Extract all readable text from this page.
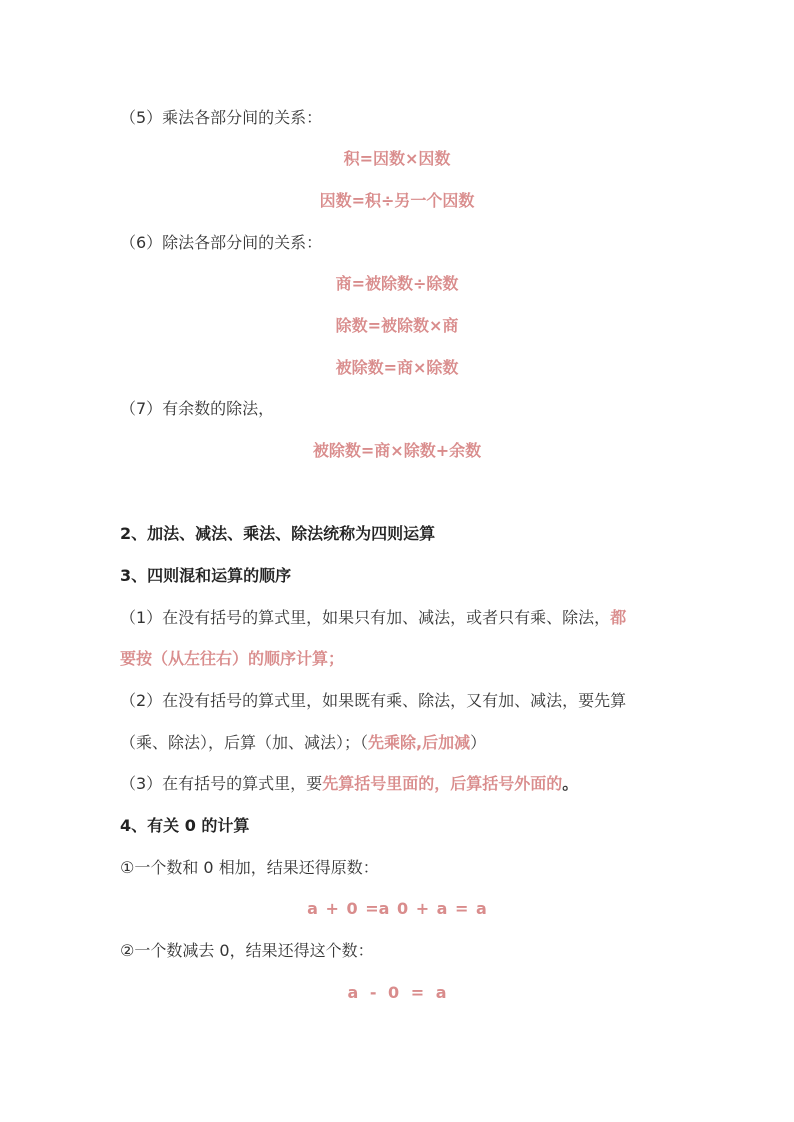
（5）乘法各部分间的关系：
积=因数×因数
因数=积÷另一个因数
（6）除法各部分间的关系：
商=被除数÷除数
除数=被除数×商
被除数=商×除数
（7）有余数的除法，
被除数=商×除数+余数
2、加法、减法、乘法、除法统称为四则运算
3、四则混和运算的顺序
（1）在没有括号的算式里，如果只有加、减法，或者只有乘、除法，都
要按（从左往右）的顺序计算；
（2）在没有括号的算式里，如果既有乘、除法，又有加、减法，要先算
（乘、除法），后算（加、减法）；（先乘除,后加减）
（3）在有括号的算式里，要先算括号里面的，后算括号外面的。
4、有关 0 的计算
①一个数和 0 相加，结果还得原数：
a + 0 =a 0 + a = a
②一个数减去 0，结果还得这个数：
a - 0 = a
